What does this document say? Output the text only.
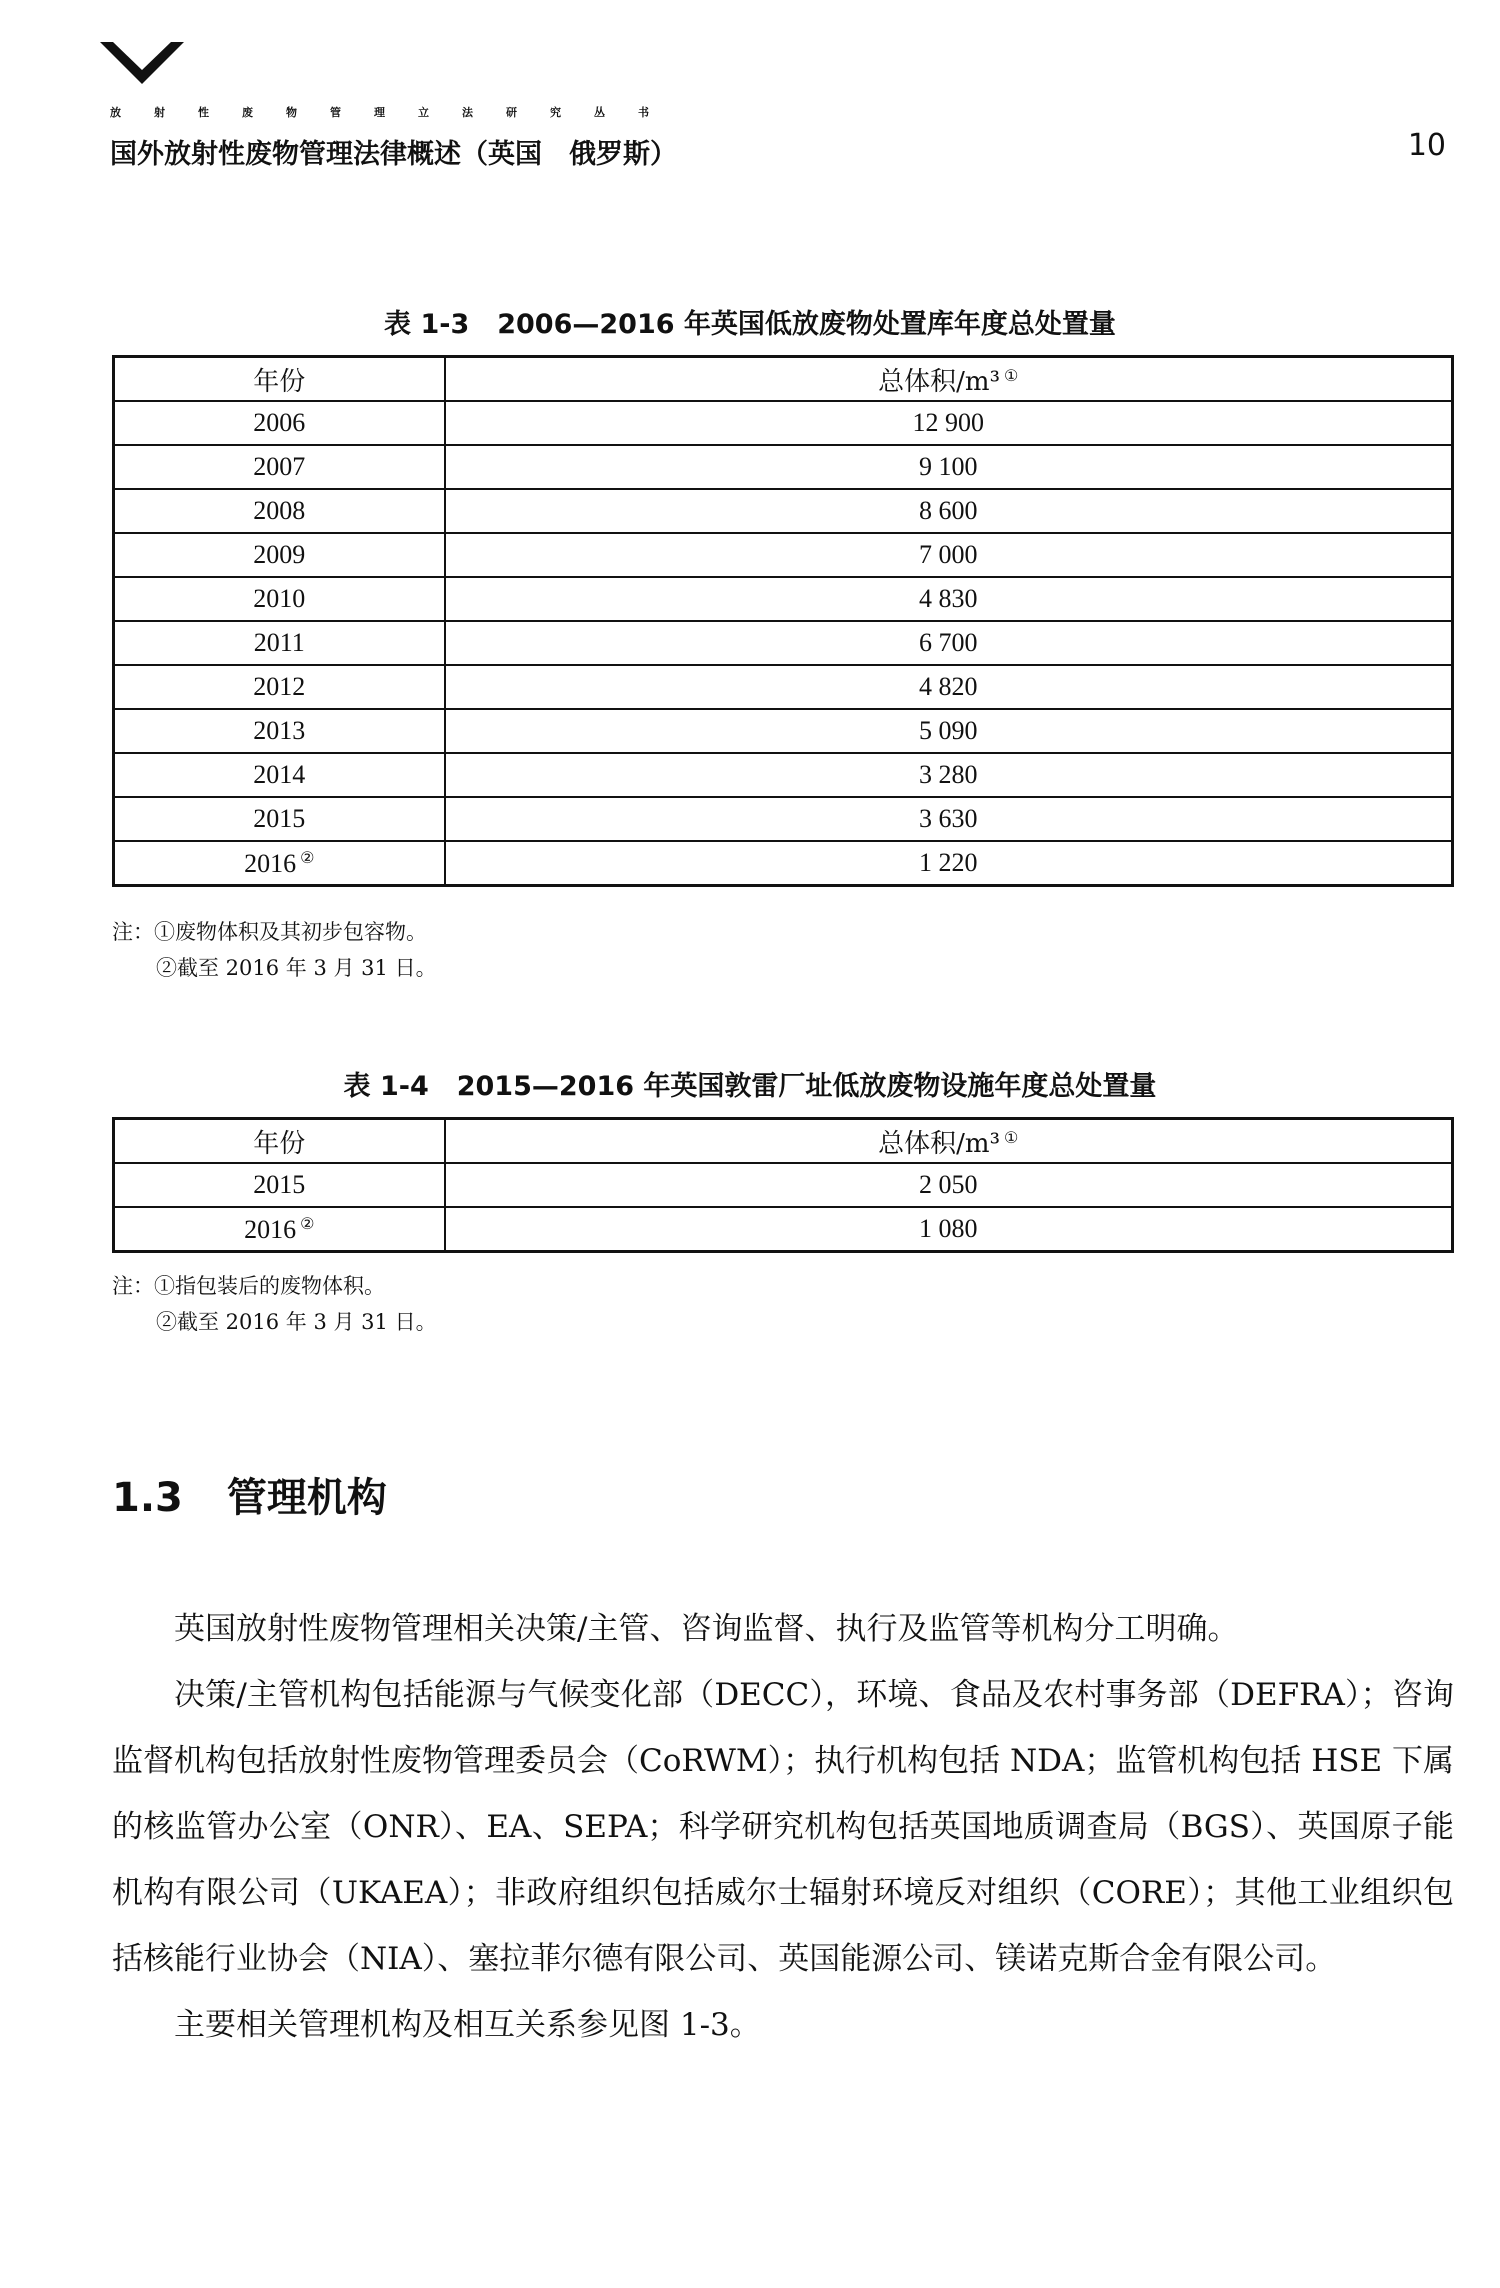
放	射	性	废	物	管	理	立	法	研	究	丛	书
国外放射性废物管理法律概述（英国　俄罗斯）	10
表 1-3 2006—2016 年英国低放废物处置库年度总处置量
年份	总体积/m³ ①
2006	12 900
2007	9 100
2008	8 600
2009	7 000
2010	4 830
2011	6 700
2012	4 820
2013	5 090
2014	3 280
2015	3 630
2016 ②	1 220
注：①废物体积及其初步包容物。
②截至 2016 年 3 月 31 日。
表 1-4 2015—2016 年英国敦雷厂址低放废物设施年度总处置量
年份	总体积/m³ ①
2015	2 050
2016 ②	1 080
注：①指包装后的废物体积。
②截至 2016 年 3 月 31 日。
1.3 管理机构

英国放射性废物管理相关决策/主管、咨询监督、执行及监管等机构分工明确。

决策/主管机构包括能源与气候变化部（DECC），环境、食品及农村事务部（DEFRA）；咨询监督机构包括放射性废物管理委员会（CoRWM）；执行机构包括 NDA；监管机构包括 HSE 下属的核监管办公室（ONR）、EA、SEPA；科学研究机构包括英国地质调查局（BGS）、英国原子能机构有限公司（UKAEA）；非政府组织包括威尔士辐射环境反对组织（CORE）；其他工业组织包括核能行业协会（NIA）、塞拉菲尔德有限公司、英国能源公司、镁诺克斯合金有限公司。

主要相关管理机构及相互关系参见图 1-3。
